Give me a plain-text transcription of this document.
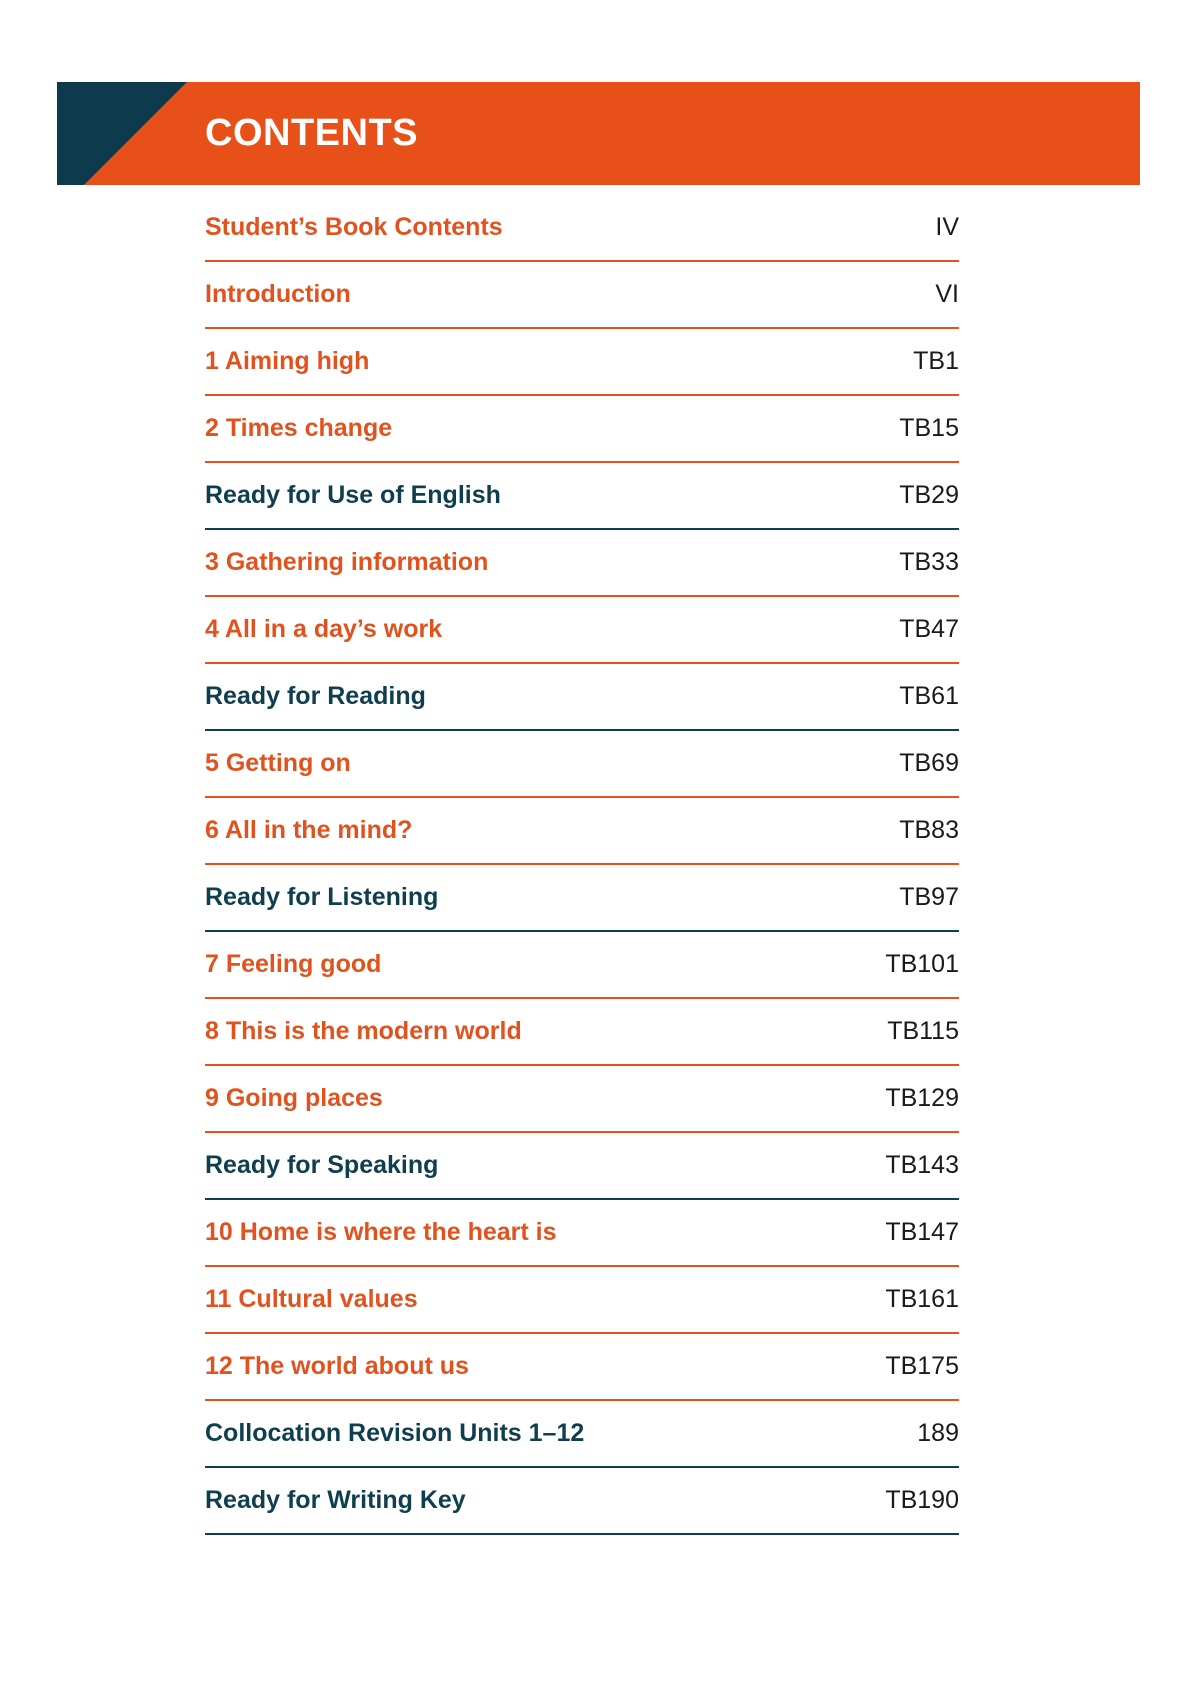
CONTENTS
Student’s Book Contents	IV
Introduction	VI
1 Aiming high	TB1
2 Times change	TB15
Ready for Use of English	TB29
3 Gathering information	TB33
4 All in a day’s work	TB47
Ready for Reading	TB61
5 Getting on	TB69
6 All in the mind?	TB83
Ready for Listening	TB97
7 Feeling good	TB101
8 This is the modern world	TB115
9 Going places	TB129
Ready for Speaking	TB143
10 Home is where the heart is	TB147
11 Cultural values	TB161
12 The world about us	TB175
Collocation Revision Units 1–12	189
Ready for Writing Key	TB190
